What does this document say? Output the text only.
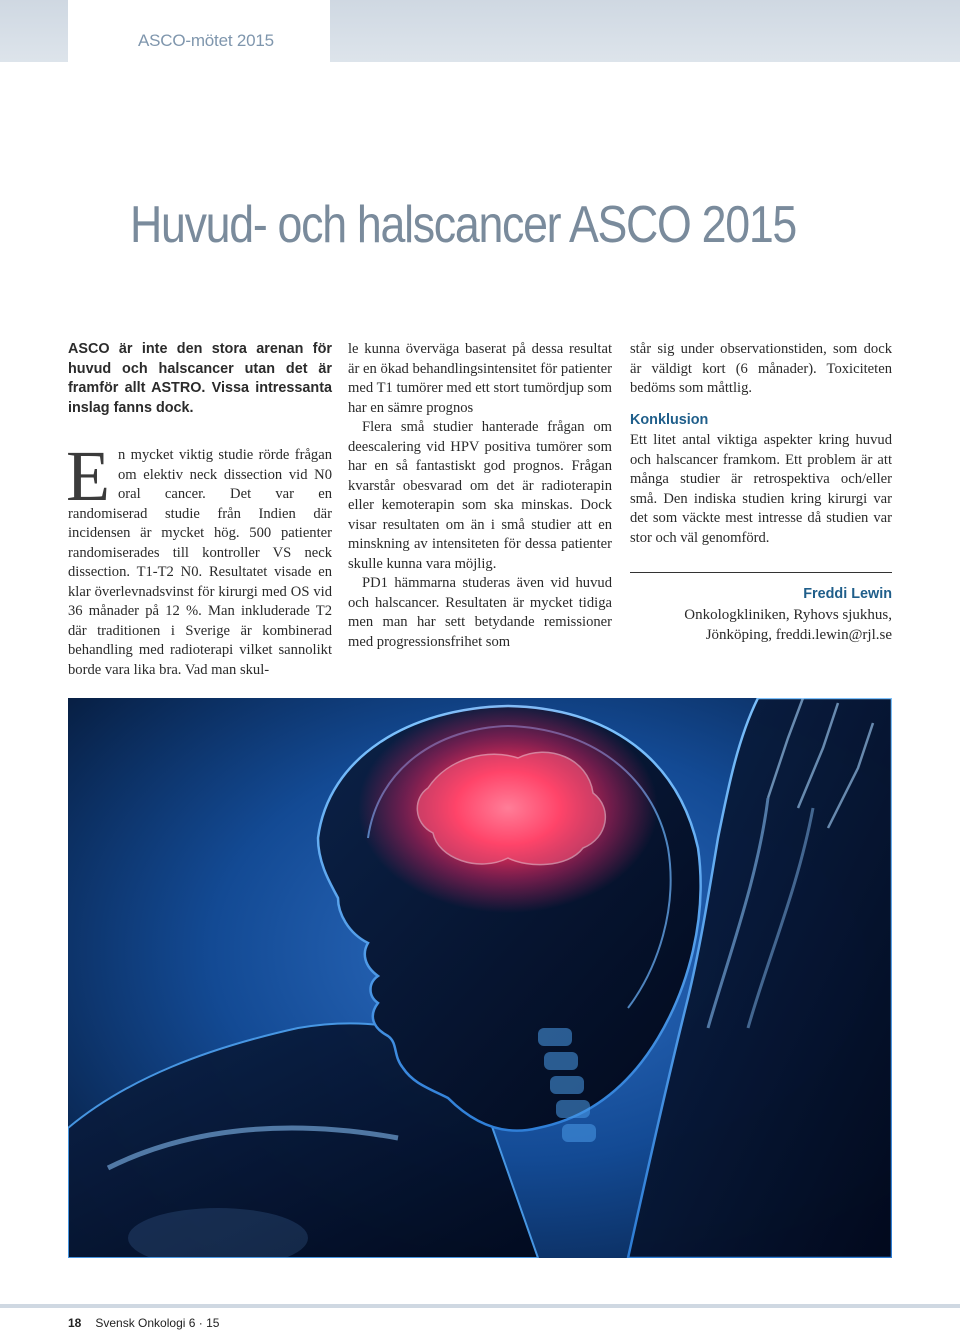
ASCO-mötet 2015
Huvud- och halscancer ASCO 2015

ASCO är inte den stora arenan för huvud och halscancer utan det är framför allt ASTRO. Vissa intressanta inslag fanns dock.

En mycket viktig studie rörde frågan om elektiv neck dissection vid N0 oral cancer. Det var en randomiserad studie från Indien där incidensen är mycket hög. 500 patienter randomiserades till kontroller VS neck dissection. T1-T2 N0. Resultatet visade en klar överlevnadsvinst för kirurgi med OS vid 36 månader på 12 %. Man inkluderade T2 där traditionen i Sverige är kombinerad behandling med radioterapi vilket sannolikt borde vara lika bra. Vad man skul-

le kunna överväga baserat på dessa resultat är en ökad behandlingsintensitet för patienter med T1 tumörer med ett stort tumördjup som har en sämre prognos

Flera små studier hanterade frågan om deescalering vid HPV positiva tumörer som har en så fantastiskt god prognos. Frågan kvarstår obesvarad om det är radioterapin eller kemoterapin som ska minskas. Dock visar resultaten om än i små studier att en minskning av intensiteten för dessa patienter skulle kunna vara möjlig.

PD1 hämmarna studeras även vid huvud och halscancer. Resultaten är mycket tidiga men man har sett betydande remissioner med progressionsfrihet som

står sig under observationstiden, som dock är väldigt kort (6 månader). Toxiciteten bedöms som måttlig.

Konklusion

Ett litet antal viktiga aspekter kring huvud och halscancer framkom. Ett problem är att många studier är retrospektiva och/eller små. Den indiska studien kring kirurgi var det som väckte mest intresse då studien var stor och väl genomförd.

Freddi Lewin

Onkologkliniken, Ryhovs sjukhus,

Jönköping, freddi.lewin@rjl.se

18 Svensk Onkologi 6 · 15
